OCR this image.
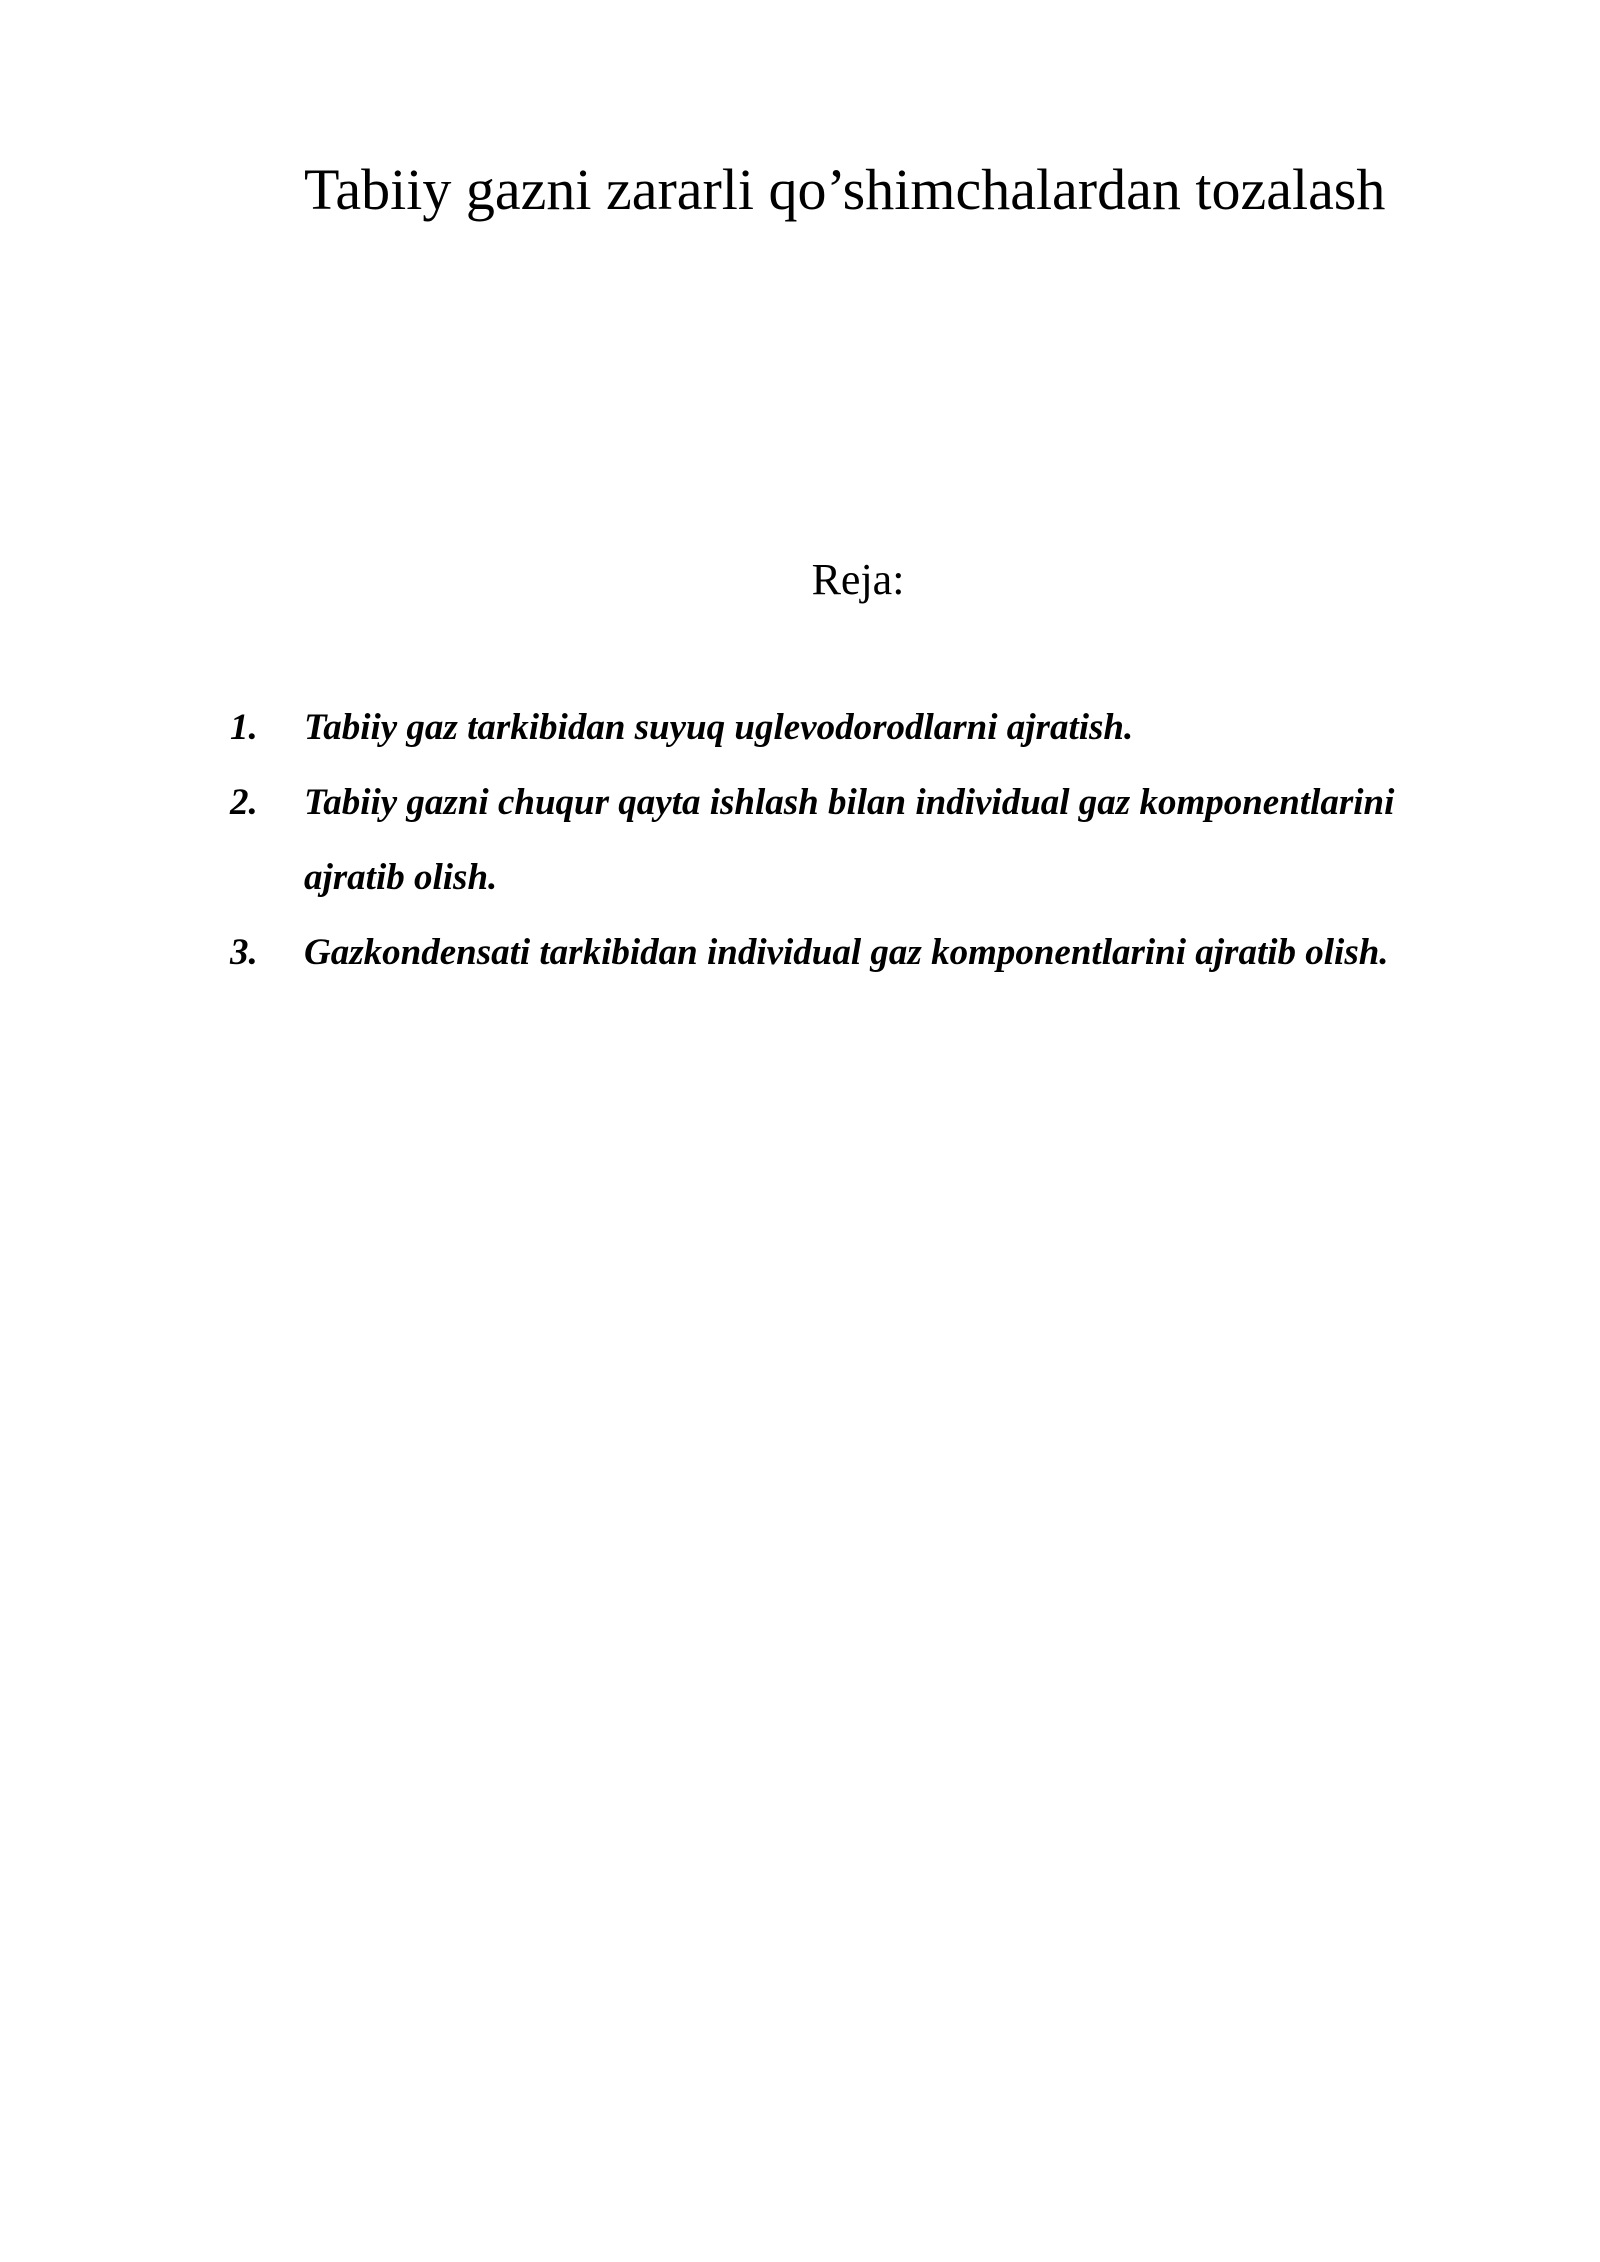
Tabiiy gazni zararli qo’shimchalardan tozalash
Reja:
1. Tabiiy gaz tarkibidan suyuq uglevodorodlarni ajratish.
2. Tabiiy gazni chuqur qayta ishlash bilan individual gaz komponentlarini ajratib olish.
3. Gazkondensati tarkibidan individual gaz komponentlarini ajratib olish.
